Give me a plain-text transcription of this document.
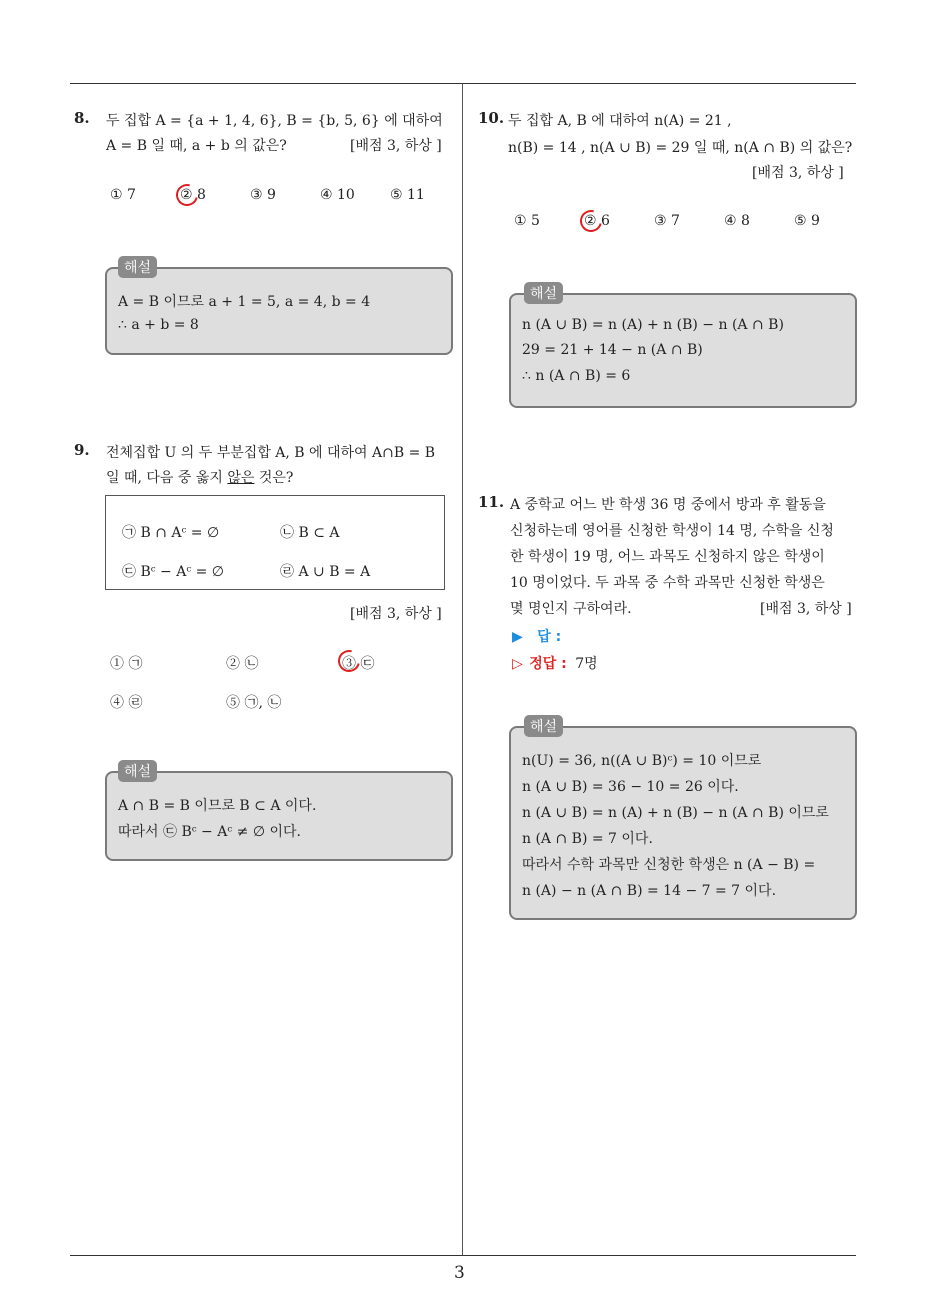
3
8. 두 집합 A = {a + 1, 4, 6}, B = {b, 5, 6} 에 대하여
A = B 일 때, a + b 의 값은?	[배점 3, 하상 ]
① 7	② 8	③ 9	④ 10	⑤ 11
해설
A = B 이므로 a + 1 = 5, a = 4, b = 4
∴ a + b = 8
9. 전체집합 U 의 두 부분집합 A, B 에 대하여 A∩B = B
일 때, 다음 중 옳지 않은 것은?
㉠ B ∩ Aᶜ = ∅	㉡ B ⊂ A
㉢ Bᶜ − Aᶜ = ∅	㉣ A ∪ B = A
[배점 3, 하상 ]
① ㉠	② ㉡	③ ㉢
④ ㉣	⑤ ㉠, ㉡
해설
A ∩ B = B 이므로 B ⊂ A 이다.
따라서 ㉢ Bᶜ − Aᶜ ≠ ∅ 이다.
10. 두 집합 A, B 에 대하여 n(A) = 21 ,
n(B) = 14 , n(A ∪ B) = 29 일 때, n(A ∩ B) 의 값은?
[배점 3, 하상 ]
① 5	② 6	③ 7	④ 8	⑤ 9
해설
n (A ∪ B) = n (A) + n (B) − n (A ∩ B)
29 = 21 + 14 − n (A ∩ B)
∴ n (A ∩ B) = 6
11. A 중학교 어느 반 학생 36 명 중에서 방과 후 활동을
신청하는데 영어를 신청한 학생이 14 명, 수학을 신청
한 학생이 19 명, 어느 과목도 신청하지 않은 학생이
10 명이었다. 두 과목 중 수학 과목만 신청한 학생은
몇 명인지 구하여라.	[배점 3, 하상 ]
▶ 답 :
▷ 정답 : 7명
해설
n(U) = 36, n((A ∪ B)ᶜ) = 10 이므로
n (A ∪ B) = 36 − 10 = 26 이다.
n (A ∪ B) = n (A) + n (B) − n (A ∩ B) 이므로
n (A ∩ B) = 7 이다.
따라서 수학 과목만 신청한 학생은 n (A − B) =
n (A) − n (A ∩ B) = 14 − 7 = 7 이다.
